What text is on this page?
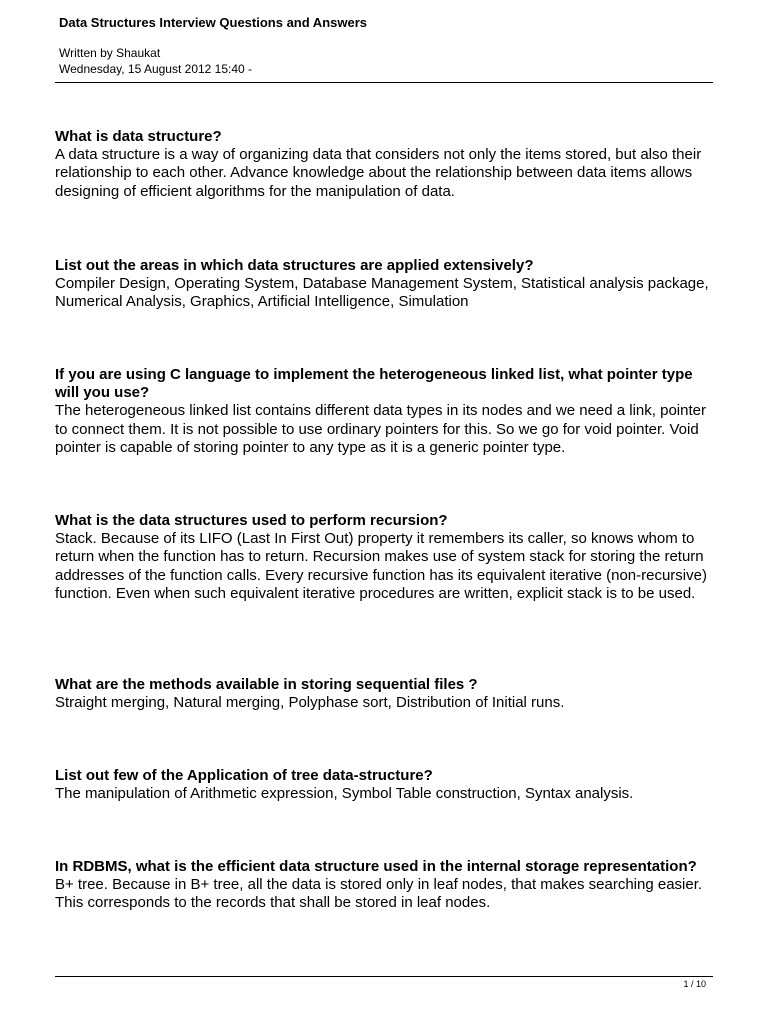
Data Structures Interview Questions and Answers
Written by Shaukat
Wednesday, 15 August 2012 15:40 -
What is data structure?
A data structure is a way of organizing data that considers not only the items stored, but also their relationship to each other. Advance knowledge about the relationship between data items allows designing of efficient algorithms for the manipulation of data.
List out the areas in which data structures are applied extensively?
Compiler Design, Operating System, Database Management System, Statistical analysis package, Numerical Analysis, Graphics, Artificial Intelligence, Simulation
If you are using C language to implement the heterogeneous linked list, what pointer type will you use?
The heterogeneous linked list contains different data types in its nodes and we need a link, pointer to connect them. It is not possible to use ordinary pointers for this. So we go for void pointer. Void pointer is capable of storing pointer to any type as it is a generic pointer type.
What is the data structures used to perform recursion?
Stack. Because of its LIFO (Last In First Out) property it remembers its caller, so knows whom to return when the function has to return. Recursion makes use of system stack for storing the return addresses of the function calls. Every recursive function has its equivalent iterative (non-recursive) function. Even when such equivalent iterative procedures are written, explicit stack is to be used.
What are the methods available in storing sequential files ?
Straight merging, Natural merging, Polyphase sort, Distribution of Initial runs.
List out few of the Application of tree data-structure?
The manipulation of Arithmetic expression, Symbol Table construction, Syntax analysis.
In RDBMS, what is the efficient data structure used in the internal storage representation?
B+ tree. Because in B+ tree, all the data is stored only in leaf nodes, that makes searching easier. This corresponds to the records that shall be stored in leaf nodes.
1 / 10
